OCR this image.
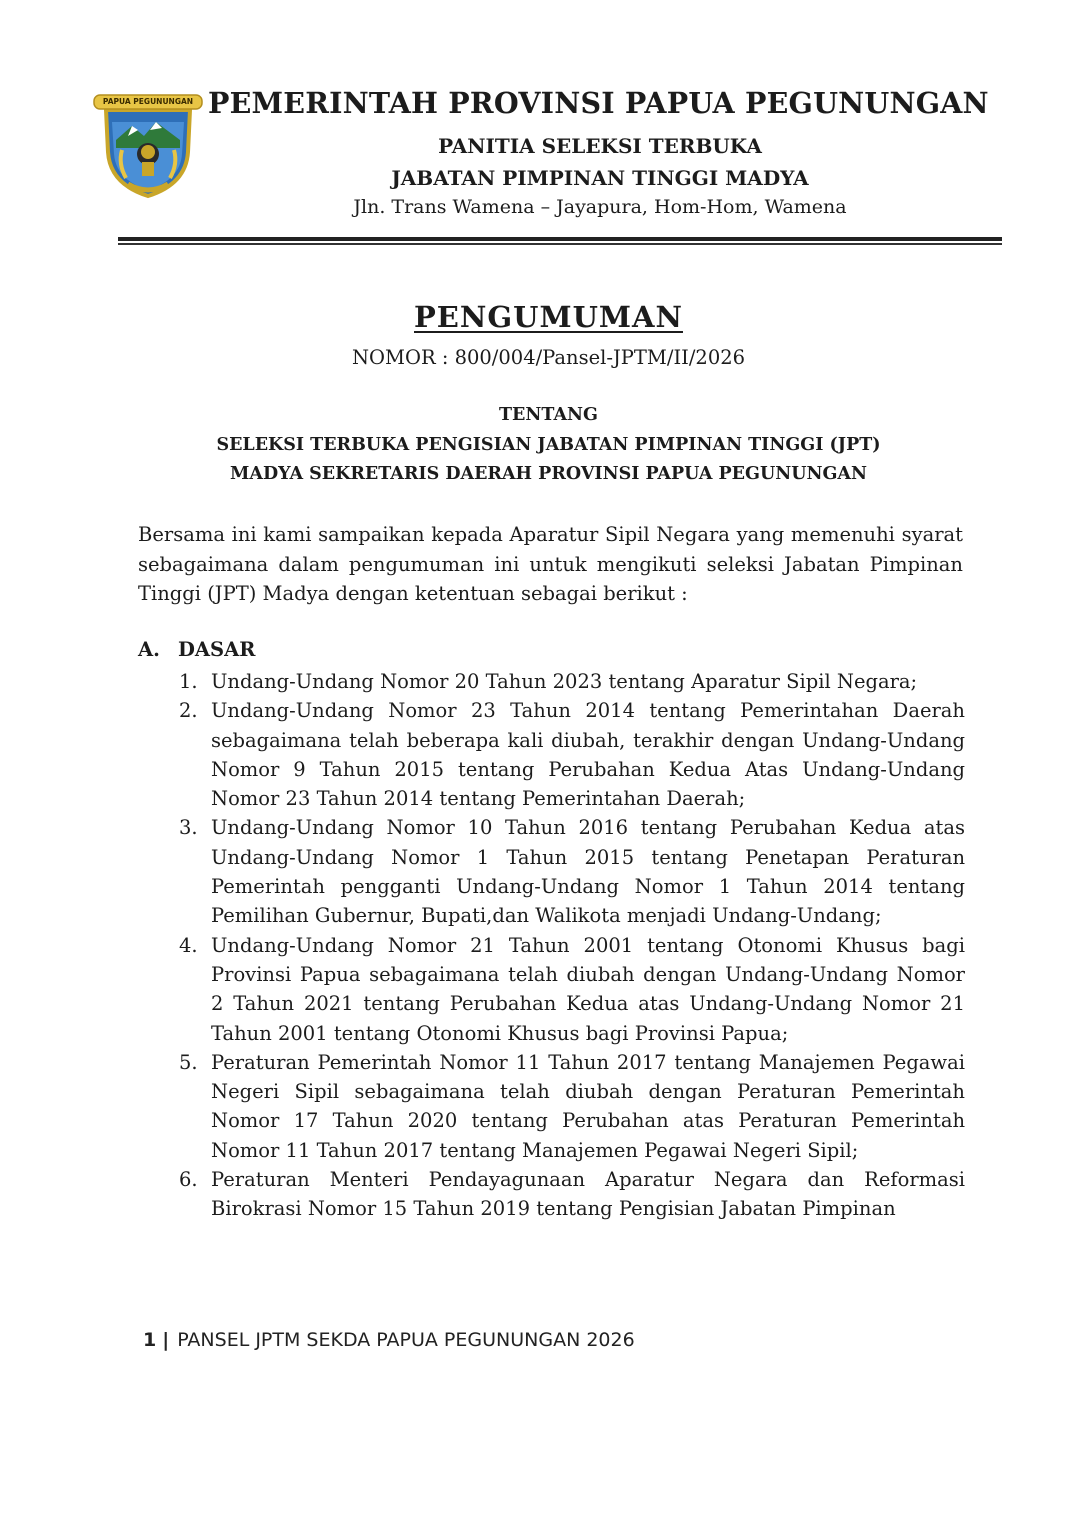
PAPUA PEGUNUNGAN PEMERINTAH PROVINSI PAPUA PEGUNUNGAN
PANITIA SELEKSI TERBUKA
JABATAN PIMPINAN TINGGI MADYA
Jln. Trans Wamena – Jayapura, Hom-Hom, Wamena
PENGUMUMAN
NOMOR : 800/004/Pansel-JPTM/II/2026
TENTANG
SELEKSI TERBUKA PENGISIAN JABATAN PIMPINAN TINGGI (JPT)
MADYA SEKRETARIS DAERAH PROVINSI PAPUA PEGUNUNGAN
Bersama ini kami sampaikan kepada Aparatur Sipil Negara yang memenuhi syarat sebagaimana dalam pengumuman ini untuk mengikuti seleksi Jabatan Pimpinan Tinggi (JPT) Madya dengan ketentuan sebagai berikut :
A. DASAR
1. Undang-Undang Nomor 20 Tahun 2023 tentang Aparatur Sipil Negara;
2. Undang-Undang Nomor 23 Tahun 2014 tentang Pemerintahan Daerah sebagaimana telah beberapa kali diubah, terakhir dengan Undang-Undang Nomor 9 Tahun 2015 tentang Perubahan Kedua Atas Undang-Undang Nomor 23 Tahun 2014 tentang Pemerintahan Daerah;
3. Undang-Undang Nomor 10 Tahun 2016 tentang Perubahan Kedua atas Undang-Undang Nomor 1 Tahun 2015 tentang Penetapan Peraturan Pemerintah pengganti Undang-Undang Nomor 1 Tahun 2014 tentang Pemilihan Gubernur, Bupati,dan Walikota menjadi Undang-Undang;
4. Undang-Undang Nomor 21 Tahun 2001 tentang Otonomi Khusus bagi Provinsi Papua sebagaimana telah diubah dengan Undang-Undang Nomor 2 Tahun 2021 tentang Perubahan Kedua atas Undang-Undang Nomor 21 Tahun 2001 tentang Otonomi Khusus bagi Provinsi Papua;
5. Peraturan Pemerintah Nomor 11 Tahun 2017 tentang Manajemen Pegawai Negeri Sipil sebagaimana telah diubah dengan Peraturan Pemerintah Nomor 17 Tahun 2020 tentang Perubahan atas Peraturan Pemerintah Nomor 11 Tahun 2017 tentang Manajemen Pegawai Negeri Sipil;
6. Peraturan Menteri Pendayagunaan Aparatur Negara dan Reformasi Birokrasi Nomor 15 Tahun 2019 tentang Pengisian Jabatan Pimpinan
1 | PANSEL JPTM SEKDA PAPUA PEGUNUNGAN 2026
